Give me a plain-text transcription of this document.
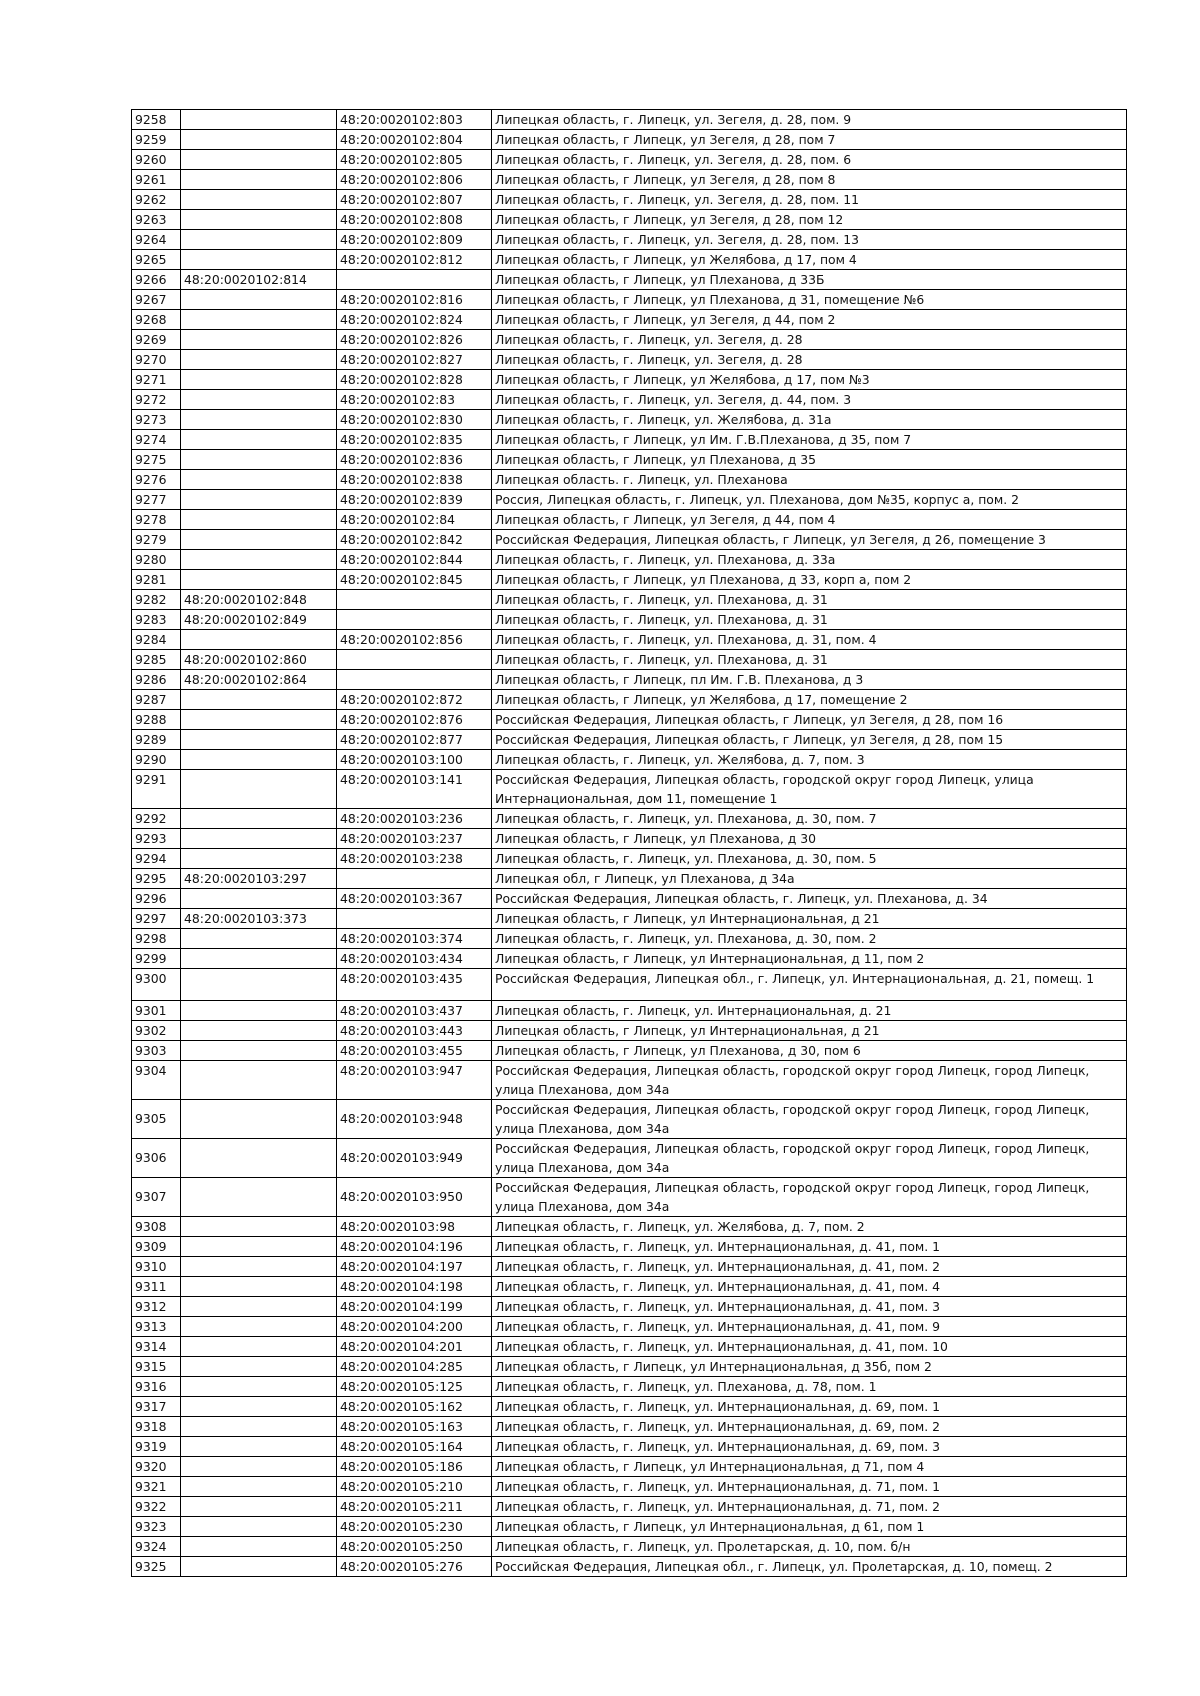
9258		48:20:0020102:803	Липецкая область, г. Липецк, ул. Зегеля, д. 28, пом. 9
9259		48:20:0020102:804	Липецкая область, г Липецк, ул Зегеля, д 28, пом 7
9260		48:20:0020102:805	Липецкая область, г. Липецк, ул. Зегеля, д. 28, пом. 6
9261		48:20:0020102:806	Липецкая область, г Липецк, ул Зегеля, д 28, пом 8
9262		48:20:0020102:807	Липецкая область, г. Липецк, ул. Зегеля, д. 28, пом. 11
9263		48:20:0020102:808	Липецкая область, г Липецк, ул Зегеля, д 28, пом 12
9264		48:20:0020102:809	Липецкая область, г. Липецк, ул. Зегеля, д. 28, пом. 13
9265		48:20:0020102:812	Липецкая область, г Липецк, ул Желябова, д 17, пом 4
9266	48:20:0020102:814		Липецкая область, г Липецк, ул Плеханова, д 33Б
9267		48:20:0020102:816	Липецкая область, г Липецк, ул Плеханова, д 31, помещение №6
9268		48:20:0020102:824	Липецкая область, г Липецк, ул Зегеля, д 44, пом 2
9269		48:20:0020102:826	Липецкая область, г. Липецк, ул. Зегеля, д. 28
9270		48:20:0020102:827	Липецкая область, г. Липецк, ул. Зегеля, д. 28
9271		48:20:0020102:828	Липецкая область, г Липецк, ул Желябова, д 17, пом №3
9272		48:20:0020102:83	Липецкая область, г. Липецк, ул. Зегеля, д. 44, пом. 3
9273		48:20:0020102:830	Липецкая область, г. Липецк, ул. Желябова, д. 31а
9274		48:20:0020102:835	Липецкая область, г Липецк, ул Им. Г.В.Плеханова, д 35, пом 7
9275		48:20:0020102:836	Липецкая область, г Липецк, ул Плеханова, д 35
9276		48:20:0020102:838	Липецкая область. г. Липецк, ул. Плеханова
9277		48:20:0020102:839	Россия, Липецкая область, г. Липецк, ул. Плеханова, дом №35, корпус а, пом. 2
9278		48:20:0020102:84	Липецкая область, г Липецк, ул Зегеля, д 44, пом 4
9279		48:20:0020102:842	Российская Федерация, Липецкая область, г Липецк, ул Зегеля, д 26, помещение 3
9280		48:20:0020102:844	Липецкая область, г. Липецк, ул. Плеханова, д. 33а
9281		48:20:0020102:845	Липецкая область, г Липецк, ул Плеханова, д 33, корп а, пом 2
9282	48:20:0020102:848		Липецкая область, г. Липецк, ул. Плеханова, д. 31
9283	48:20:0020102:849		Липецкая область, г. Липецк, ул. Плеханова, д. 31
9284		48:20:0020102:856	Липецкая область, г. Липецк, ул. Плеханова, д. 31, пом. 4
9285	48:20:0020102:860		Липецкая область, г. Липецк, ул. Плеханова, д. 31
9286	48:20:0020102:864		Липецкая область, г Липецк, пл Им. Г.В. Плеханова, д 3
9287		48:20:0020102:872	Липецкая область, г Липецк, ул Желябова, д 17, помещение 2
9288		48:20:0020102:876	Российская Федерация, Липецкая область, г Липецк, ул Зегеля, д 28, пом 16
9289		48:20:0020102:877	Российская Федерация, Липецкая область, г Липецк, ул Зегеля, д 28, пом 15
9290		48:20:0020103:100	Липецкая область, г. Липецк, ул. Желябова, д. 7, пом. 3
9291		48:20:0020103:141	Российская Федерация, Липецкая область, городской округ город Липецк, улица Интернациональная, дом 11, помещение 1
9292		48:20:0020103:236	Липецкая область, г. Липецк, ул. Плеханова, д. 30, пом. 7
9293		48:20:0020103:237	Липецкая область, г Липецк, ул Плеханова, д 30
9294		48:20:0020103:238	Липецкая область, г. Липецк, ул. Плеханова, д. 30, пом. 5
9295	48:20:0020103:297		Липецкая обл, г Липецк, ул Плеханова, д 34а
9296		48:20:0020103:367	Российская Федерация, Липецкая область, г. Липецк, ул. Плеханова, д. 34
9297	48:20:0020103:373		Липецкая область, г Липецк, ул Интернациональная, д 21
9298		48:20:0020103:374	Липецкая область, г. Липецк, ул. Плеханова, д. 30, пом. 2
9299		48:20:0020103:434	Липецкая область, г Липецк, ул Интернациональная, д 11, пом 2
9300		48:20:0020103:435	Российская Федерация, Липецкая обл., г. Липецк, ул. Интернациональная, д. 21, помещ. 1
9301		48:20:0020103:437	Липецкая область, г. Липецк, ул. Интернациональная, д. 21
9302		48:20:0020103:443	Липецкая область, г Липецк, ул Интернациональная, д 21
9303		48:20:0020103:455	Липецкая область, г Липецк, ул Плеханова, д 30, пом 6
9304		48:20:0020103:947	Российская Федерация, Липецкая область, городской округ город Липецк, город Липецк, улица Плеханова, дом 34а
9305		48:20:0020103:948	Российская Федерация, Липецкая область, городской округ город Липецк, город Липецк, улица Плеханова, дом 34а
9306		48:20:0020103:949	Российская Федерация, Липецкая область, городской округ город Липецк, город Липецк, улица Плеханова, дом 34а
9307		48:20:0020103:950	Российская Федерация, Липецкая область, городской округ город Липецк, город Липецк, улица Плеханова, дом 34а
9308		48:20:0020103:98	Липецкая область, г. Липецк, ул. Желябова, д. 7, пом. 2
9309		48:20:0020104:196	Липецкая область, г. Липецк, ул. Интернациональная, д. 41, пом. 1
9310		48:20:0020104:197	Липецкая область, г. Липецк, ул. Интернациональная, д. 41, пом. 2
9311		48:20:0020104:198	Липецкая область, г. Липецк, ул. Интернациональная, д. 41, пом. 4
9312		48:20:0020104:199	Липецкая область, г. Липецк, ул. Интернациональная, д. 41, пом. 3
9313		48:20:0020104:200	Липецкая область, г. Липецк, ул. Интернациональная, д. 41, пом. 9
9314		48:20:0020104:201	Липецкая область, г. Липецк, ул. Интернациональная, д. 41, пом. 10
9315		48:20:0020104:285	Липецкая область, г Липецк, ул Интернациональная, д 35б, пом 2
9316		48:20:0020105:125	Липецкая область, г. Липецк, ул. Плеханова, д. 78, пом. 1
9317		48:20:0020105:162	Липецкая область, г. Липецк, ул. Интернациональная, д. 69, пом. 1
9318		48:20:0020105:163	Липецкая область, г. Липецк, ул. Интернациональная, д. 69, пом. 2
9319		48:20:0020105:164	Липецкая область, г. Липецк, ул. Интернациональная, д. 69, пом. 3
9320		48:20:0020105:186	Липецкая область, г Липецк, ул Интернациональная, д 71, пом 4
9321		48:20:0020105:210	Липецкая область, г. Липецк, ул. Интернациональная, д. 71, пом. 1
9322		48:20:0020105:211	Липецкая область, г. Липецк, ул. Интернациональная, д. 71, пом. 2
9323		48:20:0020105:230	Липецкая область, г Липецк, ул Интернациональная, д 61, пом 1
9324		48:20:0020105:250	Липецкая область, г. Липецк, ул. Пролетарская, д. 10, пом. б/н
9325		48:20:0020105:276	Российская Федерация, Липецкая обл., г. Липецк, ул. Пролетарская, д. 10, помещ. 2
